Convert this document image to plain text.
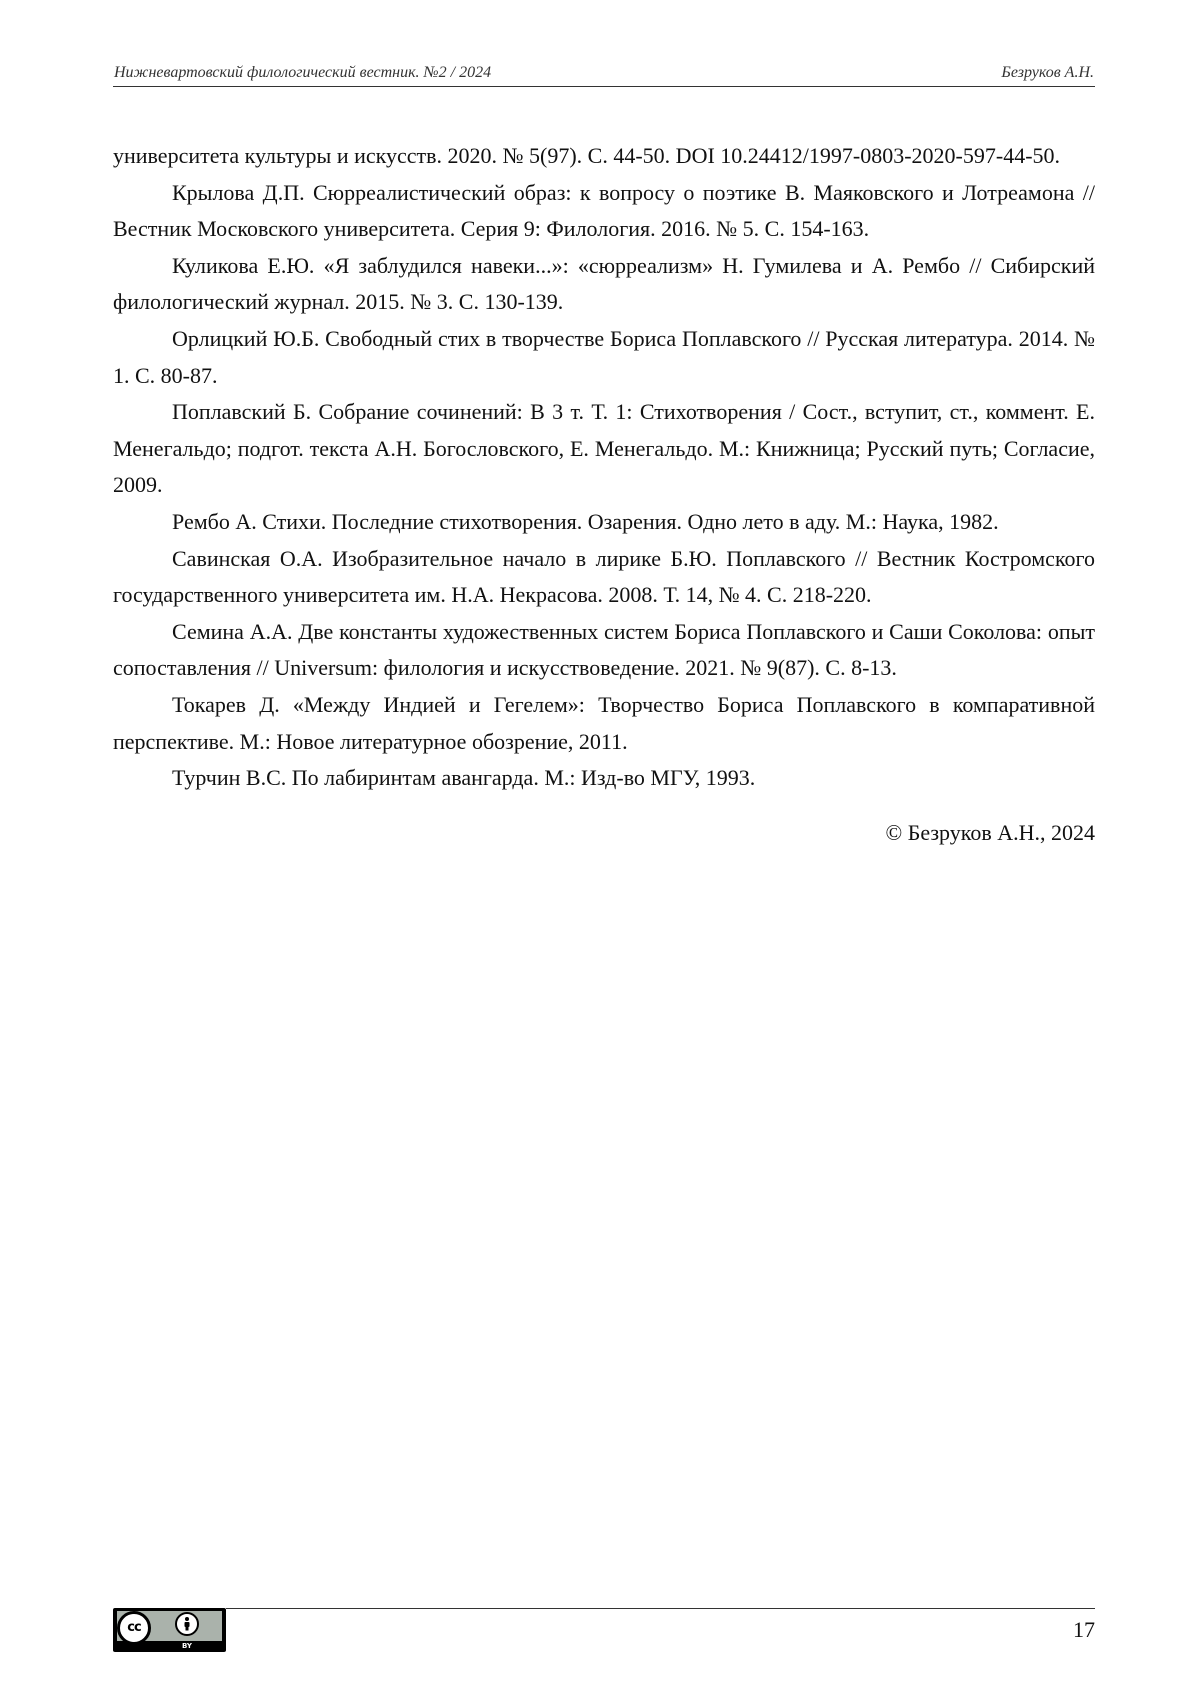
Нижневартовский филологический вестник. №2 / 2024	Безруков А.Н.

университета культуры и искусств. 2020. № 5(97). С. 44-50. DOI 10.24412/1997-0803-2020-597-44-50.

Крылова Д.П. Сюрреалистический образ: к вопросу о поэтике В. Маяковского и Лотреамона // Вестник Московского университета. Серия 9: Филология. 2016. № 5. С. 154-163.

Куликова Е.Ю. «Я заблудился навеки...»: «сюрреализм» Н. Гумилева и А. Рембо // Сибирский филологический журнал. 2015. № 3. С. 130-139.

Орлицкий Ю.Б. Свободный стих в творчестве Бориса Поплавского // Русская литература. 2014. № 1. С. 80-87.

Поплавский Б. Собрание сочинений: В 3 т. Т. 1: Стихотворения / Сост., вступит, ст., коммент. Е. Менегальдо; подгот. текста А.Н. Богословского, Е. Менегальдо. М.: Книжница; Русский путь; Согласие, 2009.

Рембо А. Стихи. Последние стихотворения. Озарения. Одно лето в аду. М.: Наука, 1982.

Савинская О.А. Изобразительное начало в лирике Б.Ю. Поплавского // Вестник Костромского государственного университета им. Н.А. Некрасова. 2008. Т. 14, № 4. С. 218-220.

Семина А.А. Две константы художественных систем Бориса Поплавского и Саши Соколова: опыт сопоставления // Universum: филология и искусствоведение. 2021. № 9(87). С. 8-13.

Токарев Д. «Между Индией и Гегелем»: Творчество Бориса Поплавского в компаративной перспективе. М.: Новое литературное обозрение, 2011.

Турчин В.С. По лабиринтам авангарда. М.: Изд-во МГУ, 1993.

© Безруков А.Н., 2024

cc
BY
17
